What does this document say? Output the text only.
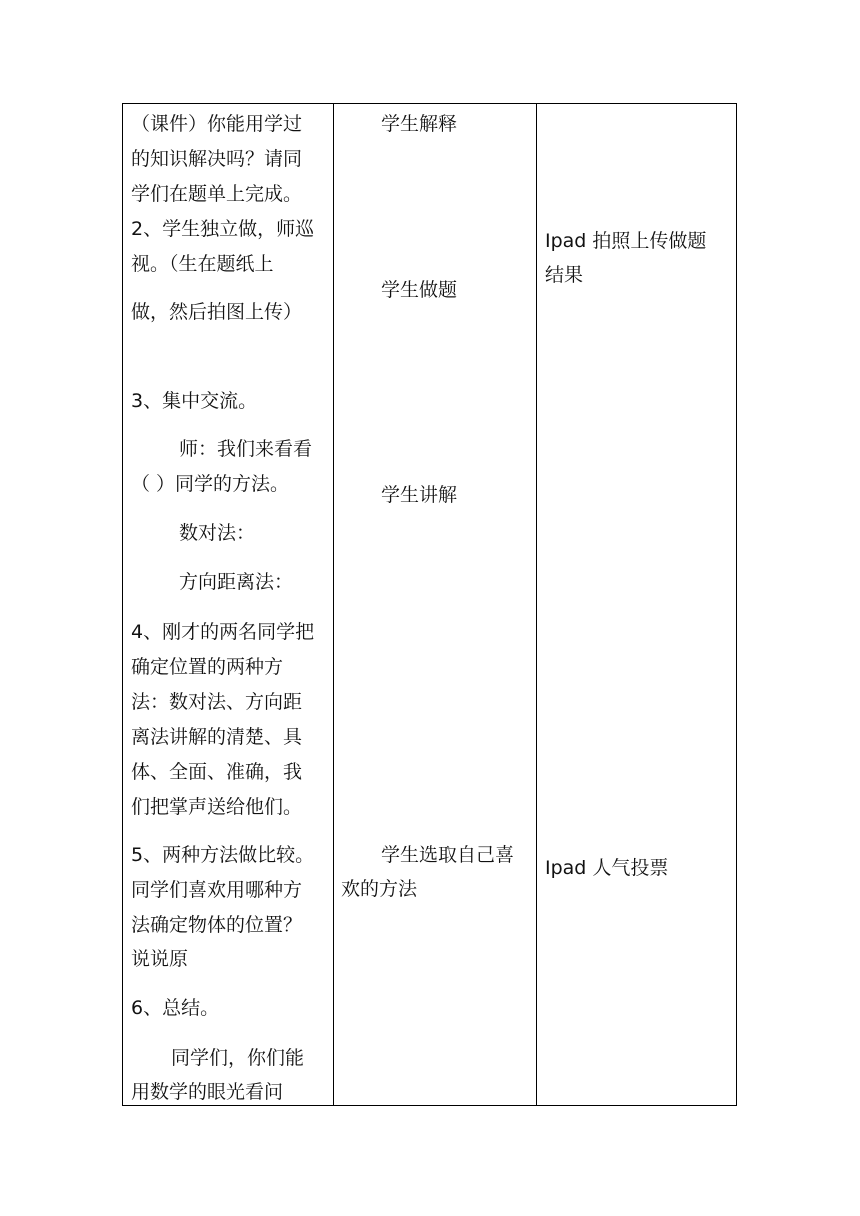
（课件）你能用学过
的知识解决吗？请同
学们在题单上完成。
2、学生独立做，师巡
视。（生在题纸上
做，然后拍图上传）
3、集中交流。
师：我们来看看
（ ）同学的方法。
数对法：
方向距离法：
4、刚才的两名同学把
确定位置的两种方
法：数对法、方向距
离法讲解的清楚、具
体、全面、准确，我
们把掌声送给他们。
5、两种方法做比较。
同学们喜欢用哪种方
法确定物体的位置？
说说原
6、总结。
同学们，你们能
用数学的眼光看问
学生解释
学生做题
学生讲解
学生选取自己喜
欢的方法
Ipad 拍照上传做题
结果
Ipad 人气投票
